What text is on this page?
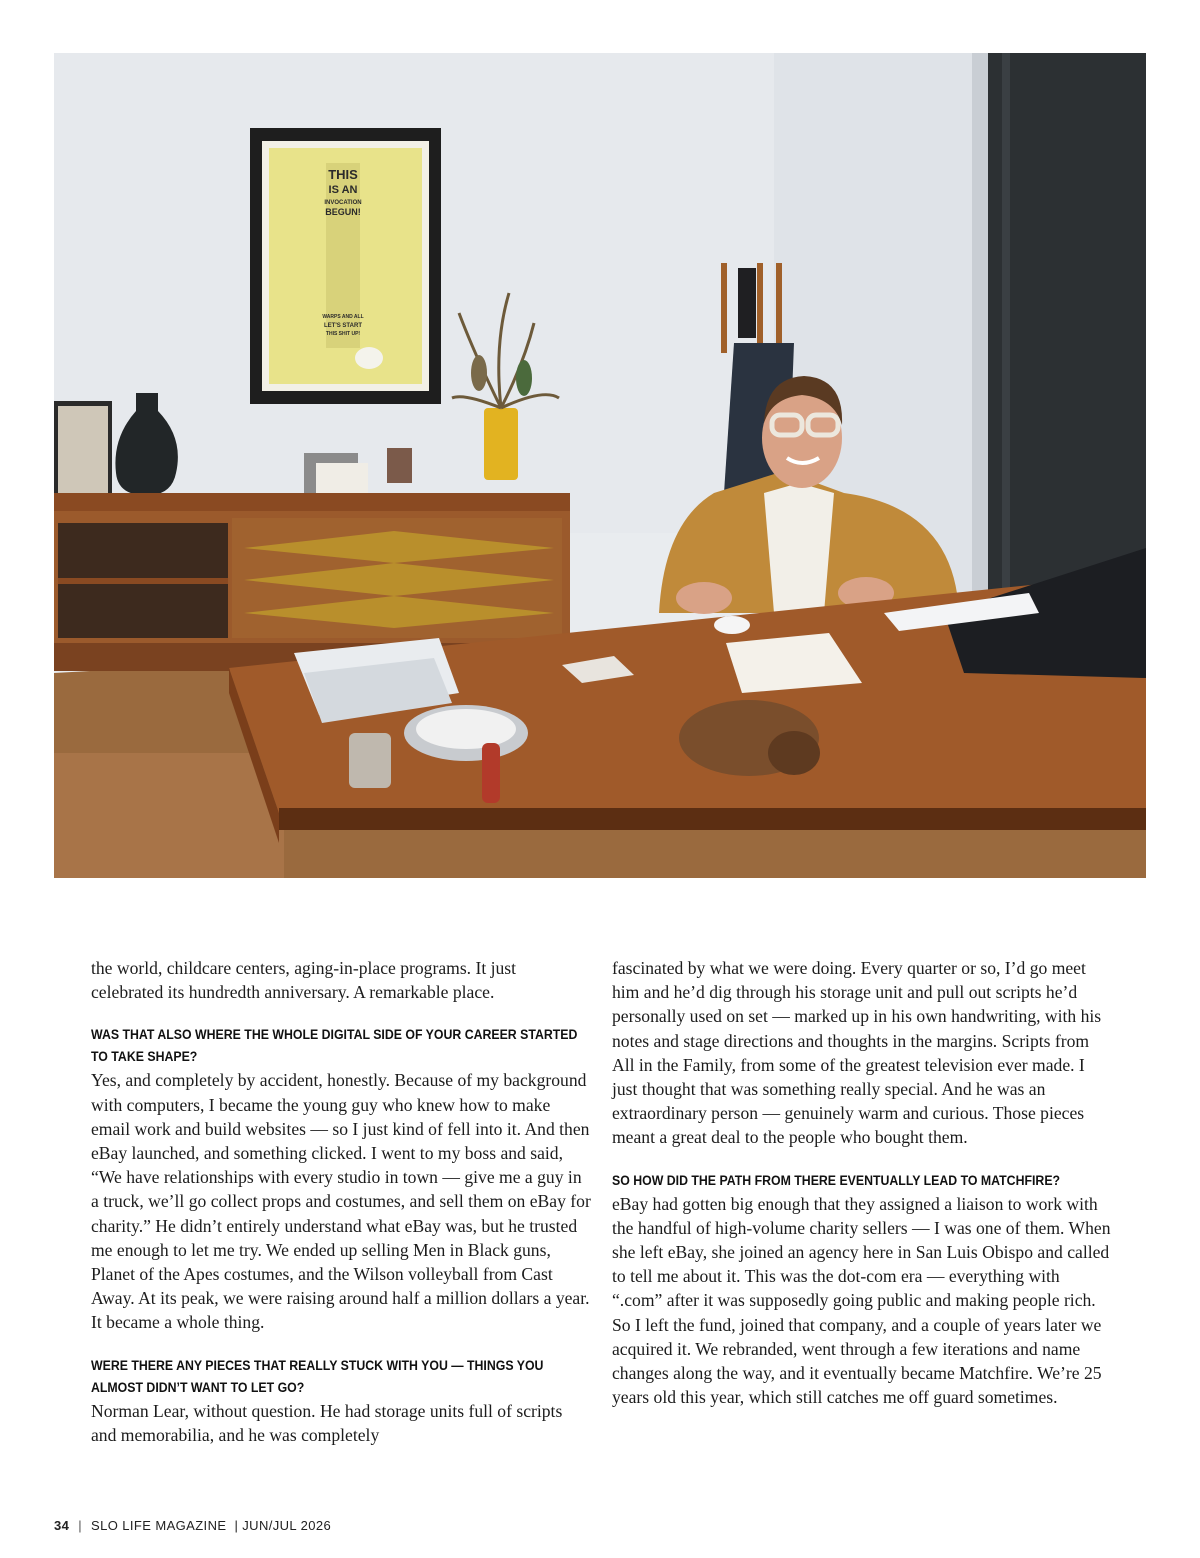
THIS
IS AN
INVOCATION
BEGUN!
WARPS AND ALL
LET'S START
THIS SHIT UP!

the world, childcare centers, aging-in-place programs. It just celebrated its hundredth anniversary. A remarkable place.

WAS THAT ALSO WHERE THE WHOLE DIGITAL SIDE OF YOUR CAREER STARTED TO TAKE SHAPE?

Yes, and completely by accident, honestly. Because of my background with computers, I became the young guy who knew how to make email work and build websites — so I just kind of fell into it. And then eBay launched, and something clicked. I went to my boss and said, “We have relationships with every studio in town — give me a guy in a truck, we’ll go collect props and costumes, and sell them on eBay for charity.” He didn’t entirely understand what eBay was, but he trusted me enough to let me try. We ended up selling Men in Black guns, Planet of the Apes costumes, and the Wilson volleyball from Cast Away. At its peak, we were raising around half a million dollars a year. It became a whole thing.

WERE THERE ANY PIECES THAT REALLY STUCK WITH YOU — THINGS YOU ALMOST DIDN’T WANT TO LET GO?

Norman Lear, without question. He had storage units full of scripts and memorabilia, and he was completely

fascinated by what we were doing. Every quarter or so, I’d go meet him and he’d dig through his storage unit and pull out scripts he’d personally used on set — marked up in his own handwriting, with his notes and stage directions and thoughts in the margins. Scripts from All in the Family, from some of the greatest television ever made. I just thought that was something really special. And he was an extraordinary person — genuinely warm and curious. Those pieces meant a great deal to the people who bought them.

SO HOW DID THE PATH FROM THERE EVENTUALLY LEAD TO MATCHFIRE?

eBay had gotten big enough that they assigned a liaison to work with the handful of high-volume charity sellers — I was one of them. When she left eBay, she joined an agency here in San Luis Obispo and called to tell me about it. This was the dot-com era — everything with “.com” after it was supposedly going public and making people rich. So I left the fund, joined that company, and a couple of years later we acquired it. We rebranded, went through a few iterations and name changes along the way, and it eventually became Matchfire. We’re 25 years old this year, which still catches me off guard sometimes.

34 | SLO LIFE MAGAZINE | JUN/JUL 2026
